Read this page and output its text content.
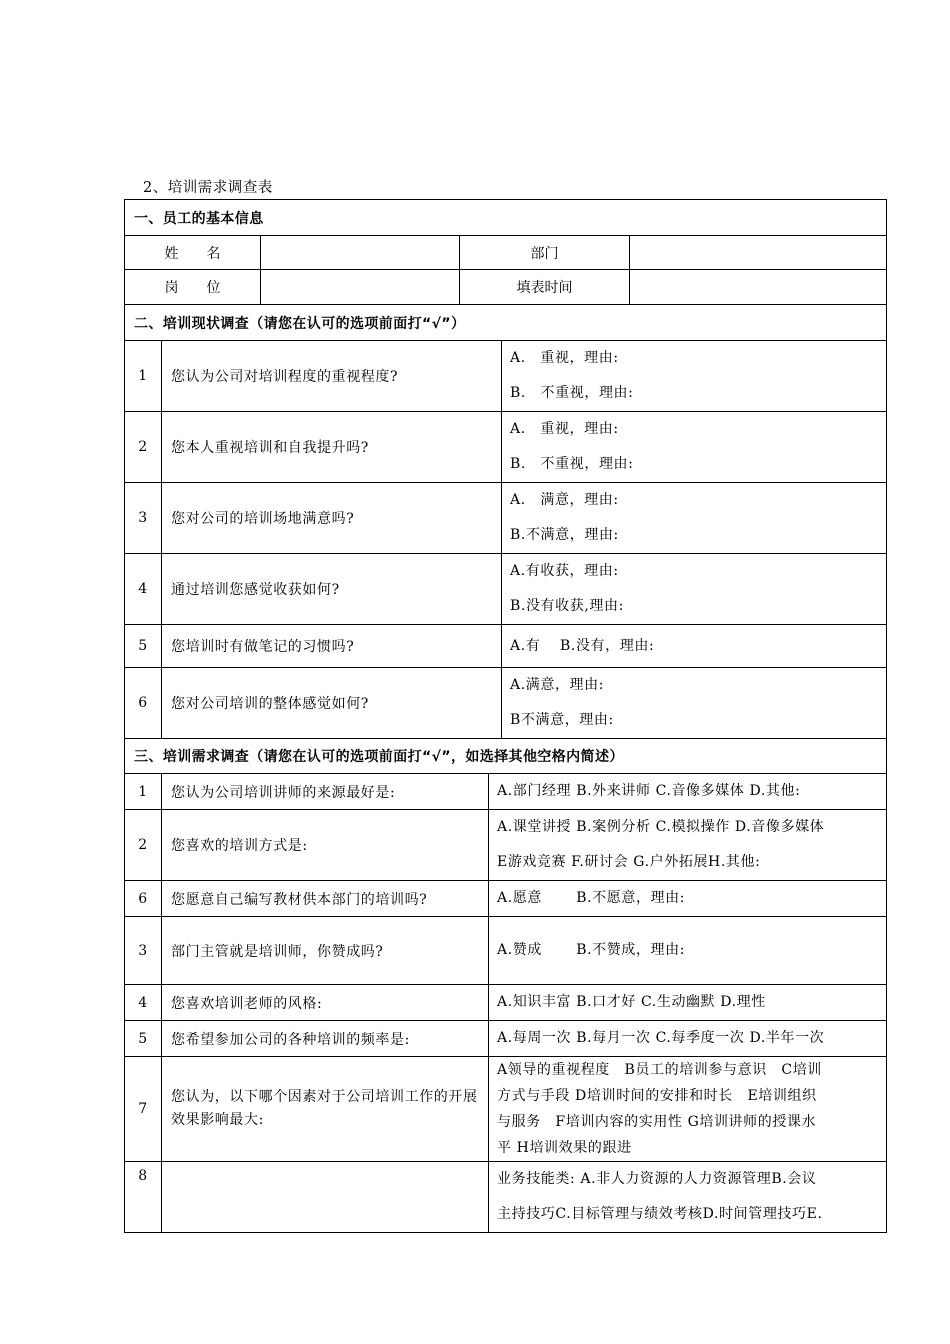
2、培训需求调查表
一、员工的基本信息			
姓　　名		部门	
岗　　位		填表时间	
二、培训现状调查（请您在认可的选项前面打“√”）		
1	您认为公司对培训程度的重视程度?	A.　重视，理由:
B.　不重视，理由:

2	您本人重视培训和自我提升吗?	A.　重视，理由:
B.　不重视，理由:

3	您对公司的培训场地满意吗?	A.　满意，理由:
B.不满意，理由:

4	通过培训您感觉收获如何?	A.有收获，理由:
B.没有收获,理由:

5	您培训时有做笔记的习惯吗?	A.有　 B.没有，理由:

6	您对公司培训的整体感觉如何?	A.满意，理由:
B不满意，理由:
三、培训需求调查（请您在认可的选项前面打“√”，如选择其他空格内简述）		
1	您认为公司培训讲师的来源最好是:	A.部门经理 B.外来讲师 C.音像多媒体 D.其他:

2	您喜欢的培训方式是:	A.课堂讲授 B.案例分析 C.模拟操作 D.音像多媒体
E游戏竞赛 F.研讨会 G.户外拓展H.其他:

6	您愿意自己编写教材供本部门的培训吗?	A.愿意　　 B.不愿意，理由:

3	部门主管就是培训师，你赞成吗?	A.赞成　　 B.不赞成，理由:

4	您喜欢培训老师的风格:	A.知识丰富 B.口才好 C.生动幽默 D.理性

5	您希望参加公司的各种培训的频率是:	A.每周一次 B.每月一次 C.每季度一次 D.半年一次

7	您认为，以下哪个因素对于公司培训工作的开展效果影响最大:	A领导的重视程度　B员工的培训参与意识　C培训
方式与手段 D培训时间的安排和时长　E培训组织
与服务　F培训内容的实用性 G培训讲师的授课水
平 H培训效果的跟进

8		业务技能类: A.非人力资源的人力资源管理B.会议
主持技巧C.目标管理与绩效考核D.时间管理技巧E.
